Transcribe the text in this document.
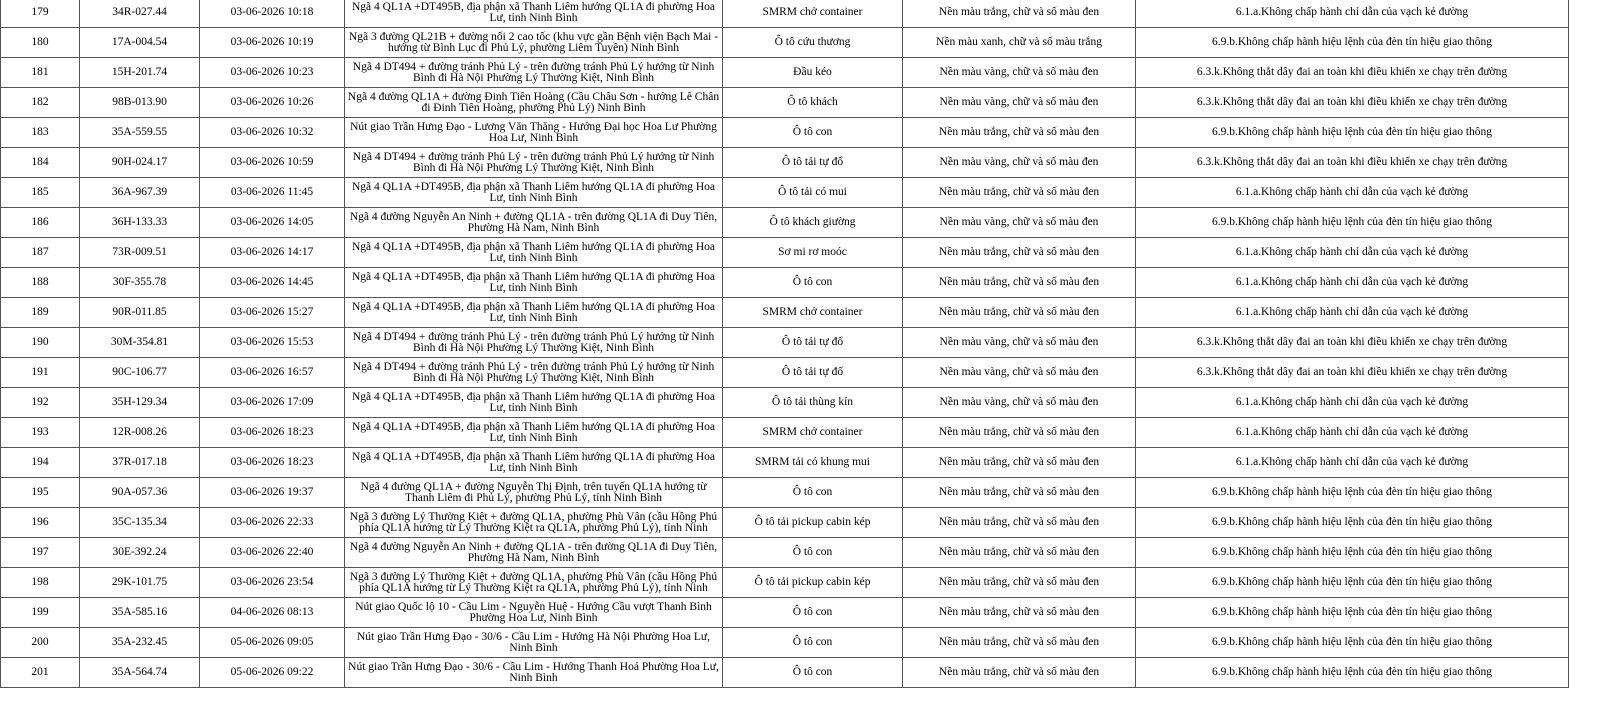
179	34R-027.44	03-06-2026 10:18	Ngã 4 QL1A +DT495B, địa phận xã Thanh Liêm hướng QL1A đi phường Hoa Lư, tỉnh Ninh Bình	SMRM chở container	Nền màu trắng, chữ và số màu đen	6.1.a.Không chấp hành chỉ dẫn của vạch kẻ đường
180	17A-004.54	03-06-2026 10:19	Ngã 3 đường QL21B + đường nối 2 cao tốc (khu vực gần Bệnh viện Bạch Mai - hướng từ Bình Lục đi Phủ Lý, phường Liêm Tuyền) Ninh Bình	Ô tô cứu thương	Nền màu xanh, chữ và số màu trắng	6.9.b.Không chấp hành hiệu lệnh của đèn tín hiệu giao thông
181	15H-201.74	03-06-2026 10:23	Ngã 4 DT494 + đường tránh Phủ Lý - trên đường tránh Phủ Lý hướng từ Ninh Bình đi Hà Nội Phường Lý Thường Kiệt, Ninh Bình	Đầu kéo	Nền màu vàng, chữ và số màu đen	6.3.k.Không thắt dây đai an toàn khi điều khiển xe chạy trên đường
182	98B-013.90	03-06-2026 10:26	Ngã 4 đường QL1A + đường Đinh Tiên Hoàng (Cầu Châu Sơn - hướng Lê Chân đi Đinh Tiên Hoàng, phường Phủ Lý) Ninh Bình	Ô tô khách	Nền màu vàng, chữ và số màu đen	6.3.k.Không thắt dây đai an toàn khi điều khiển xe chạy trên đường
183	35A-559.55	03-06-2026 10:32	Nút giao Trần Hưng Đạo - Lương Văn Thăng - Hướng Đại học Hoa Lư Phường Hoa Lư, Ninh Bình	Ô tô con	Nền màu trắng, chữ và số màu đen	6.9.b.Không chấp hành hiệu lệnh của đèn tín hiệu giao thông
184	90H-024.17	03-06-2026 10:59	Ngã 4 DT494 + đường tránh Phủ Lý - trên đường tránh Phủ Lý hướng từ Ninh Bình đi Hà Nội Phường Lý Thường Kiệt, Ninh Bình	Ô tô tải tự đổ	Nền màu vàng, chữ và số màu đen	6.3.k.Không thắt dây đai an toàn khi điều khiển xe chạy trên đường
185	36A-967.39	03-06-2026 11:45	Ngã 4 QL1A +DT495B, địa phận xã Thanh Liêm hướng QL1A đi phường Hoa Lư, tỉnh Ninh Bình	Ô tô tải có mui	Nền màu trắng, chữ và số màu đen	6.1.a.Không chấp hành chỉ dẫn của vạch kẻ đường
186	36H-133.33	03-06-2026 14:05	Ngã 4 đường Nguyễn An Ninh + đường QL1A - trên đường QL1A đi Duy Tiên, Phường Hà Nam, Ninh Bình	Ô tô khách giường	Nền màu vàng, chữ và số màu đen	6.9.b.Không chấp hành hiệu lệnh của đèn tín hiệu giao thông
187	73R-009.51	03-06-2026 14:17	Ngã 4 QL1A +DT495B, địa phận xã Thanh Liêm hướng QL1A đi phường Hoa Lư, tỉnh Ninh Bình	Sơ mi rơ moóc	Nền màu trắng, chữ và số màu đen	6.1.a.Không chấp hành chỉ dẫn của vạch kẻ đường
188	30F-355.78	03-06-2026 14:45	Ngã 4 QL1A +DT495B, địa phận xã Thanh Liêm hướng QL1A đi phường Hoa Lư, tỉnh Ninh Bình	Ô tô con	Nền màu trắng, chữ và số màu đen	6.1.a.Không chấp hành chỉ dẫn của vạch kẻ đường
189	90R-011.85	03-06-2026 15:27	Ngã 4 QL1A +DT495B, địa phận xã Thanh Liêm hướng QL1A đi phường Hoa Lư, tỉnh Ninh Bình	SMRM chở container	Nền màu trắng, chữ và số màu đen	6.1.a.Không chấp hành chỉ dẫn của vạch kẻ đường
190	30M-354.81	03-06-2026 15:53	Ngã 4 DT494 + đường tránh Phủ Lý - trên đường tránh Phủ Lý hướng từ Ninh Bình đi Hà Nội Phường Lý Thường Kiệt, Ninh Bình	Ô tô tải tự đổ	Nền màu vàng, chữ và số màu đen	6.3.k.Không thắt dây đai an toàn khi điều khiển xe chạy trên đường
191	90C-106.77	03-06-2026 16:57	Ngã 4 DT494 + đường tránh Phủ Lý - trên đường tránh Phủ Lý hướng từ Ninh Bình đi Hà Nội Phường Lý Thường Kiệt, Ninh Bình	Ô tô tải tự đổ	Nền màu vàng, chữ và số màu đen	6.3.k.Không thắt dây đai an toàn khi điều khiển xe chạy trên đường
192	35H-129.34	03-06-2026 17:09	Ngã 4 QL1A +DT495B, địa phận xã Thanh Liêm hướng QL1A đi phường Hoa Lư, tỉnh Ninh Bình	Ô tô tải thùng kín	Nền màu vàng, chữ và số màu đen	6.1.a.Không chấp hành chỉ dẫn của vạch kẻ đường
193	12R-008.26	03-06-2026 18:23	Ngã 4 QL1A +DT495B, địa phận xã Thanh Liêm hướng QL1A đi phường Hoa Lư, tỉnh Ninh Bình	SMRM chở container	Nền màu trắng, chữ và số màu đen	6.1.a.Không chấp hành chỉ dẫn của vạch kẻ đường
194	37R-017.18	03-06-2026 18:23	Ngã 4 QL1A +DT495B, địa phận xã Thanh Liêm hướng QL1A đi phường Hoa Lư, tỉnh Ninh Bình	SMRM tải có khung mui	Nền màu trắng, chữ và số màu đen	6.1.a.Không chấp hành chỉ dẫn của vạch kẻ đường
195	90A-057.36	03-06-2026 19:37	Ngã 4 đường QL1A + đường Nguyễn Thị Định, trên tuyến QL1A hướng từ Thanh Liêm đi Phủ Lý, phường Phủ Lý, tỉnh Ninh Bình	Ô tô con	Nền màu trắng, chữ và số màu đen	6.9.b.Không chấp hành hiệu lệnh của đèn tín hiệu giao thông
196	35C-135.34	03-06-2026 22:33	Ngã 3 đường Lý Thường Kiệt + đường QL1A, phường Phù Vân (cầu Hồng Phú phía QL1A hướng từ Lý Thường Kiệt ra QL1A, phường Phủ Lý), tỉnh Ninh	Ô tô tải pickup cabin kép	Nền màu trắng, chữ và số màu đen	6.9.b.Không chấp hành hiệu lệnh của đèn tín hiệu giao thông
197	30E-392.24	03-06-2026 22:40	Ngã 4 đường Nguyễn An Ninh + đường QL1A - trên đường QL1A đi Duy Tiên, Phường Hà Nam, Ninh Bình	Ô tô con	Nền màu trắng, chữ và số màu đen	6.9.b.Không chấp hành hiệu lệnh của đèn tín hiệu giao thông
198	29K-101.75	03-06-2026 23:54	Ngã 3 đường Lý Thường Kiệt + đường QL1A, phường Phù Vân (cầu Hồng Phú phía QL1A hướng từ Lý Thường Kiệt ra QL1A, phường Phủ Lý), tỉnh Ninh	Ô tô tải pickup cabin kép	Nền màu trắng, chữ và số màu đen	6.9.b.Không chấp hành hiệu lệnh của đèn tín hiệu giao thông
199	35A-585.16	04-06-2026 08:13	Nút giao Quốc lộ 10 - Cầu Lim - Nguyễn Huệ - Hướng Cầu vượt Thanh Bình Phường Hoa Lư, Ninh Bình	Ô tô con	Nền màu trắng, chữ và số màu đen	6.9.b.Không chấp hành hiệu lệnh của đèn tín hiệu giao thông
200	35A-232.45	05-06-2026 09:05	Nút giao Trần Hưng Đạo - 30/6 - Cầu Lim - Hướng Hà Nội Phường Hoa Lư, Ninh Bình	Ô tô con	Nền màu trắng, chữ và số màu đen	6.9.b.Không chấp hành hiệu lệnh của đèn tín hiệu giao thông
201	35A-564.74	05-06-2026 09:22	Nút giao Trần Hưng Đạo - 30/6 - Cầu Lim - Hướng Thanh Hoá Phường Hoa Lư, Ninh Bình	Ô tô con	Nền màu trắng, chữ và số màu đen	6.9.b.Không chấp hành hiệu lệnh của đèn tín hiệu giao thông
